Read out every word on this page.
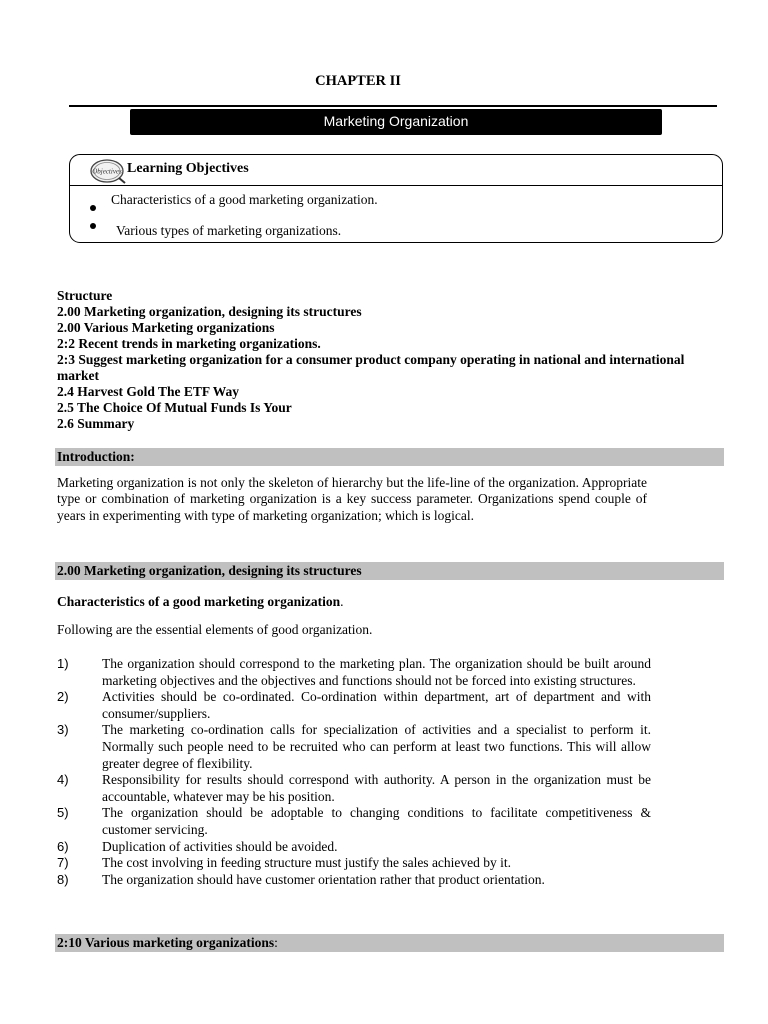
CHAPTER II
Marketing Organization
Objectives Learning Objectives
Characteristics of a good marketing organization.
Various types of marketing organizations.
Structure
2.00 Marketing organization, designing its structures
2.00 Various Marketing organizations
2:2 Recent trends in marketing organizations.
2:3 Suggest marketing organization for a consumer product company operating in national and international market
2.4 Harvest Gold The ETF Way
2.5 The Choice Of Mutual Funds Is Your
2.6 Summary
Introduction:
Marketing organization is not only the skeleton of hierarchy but the life-line of the organization. Appropriate type or combination of marketing organization is a key success parameter. Organizations spend couple of years in experimenting with type of marketing organization; which is logical.
2.00 Marketing organization, designing its structures
Characteristics of a good marketing organization.
Following are the essential elements of good organization.
1) The organization should correspond to the marketing plan. The organization should be built around marketing objectives and the objectives and functions should not be forced into existing structures.
2) Activities should be co-ordinated. Co-ordination within department, art of department and with consumer/suppliers.
3) The marketing co-ordination calls for specialization of activities and a specialist to perform it. Normally such people need to be recruited who can perform at least two functions. This will allow greater degree of flexibility.
4) Responsibility for results should correspond with authority. A person in the organization must be accountable, whatever may be his position.
5) The organization should be adoptable to changing conditions to facilitate competitiveness & customer servicing.
6) Duplication of activities should be avoided.
7) The cost involving in feeding structure must justify the sales achieved by it.
8) The organization should have customer orientation rather that product orientation.
2:10 Various marketing organizations:
